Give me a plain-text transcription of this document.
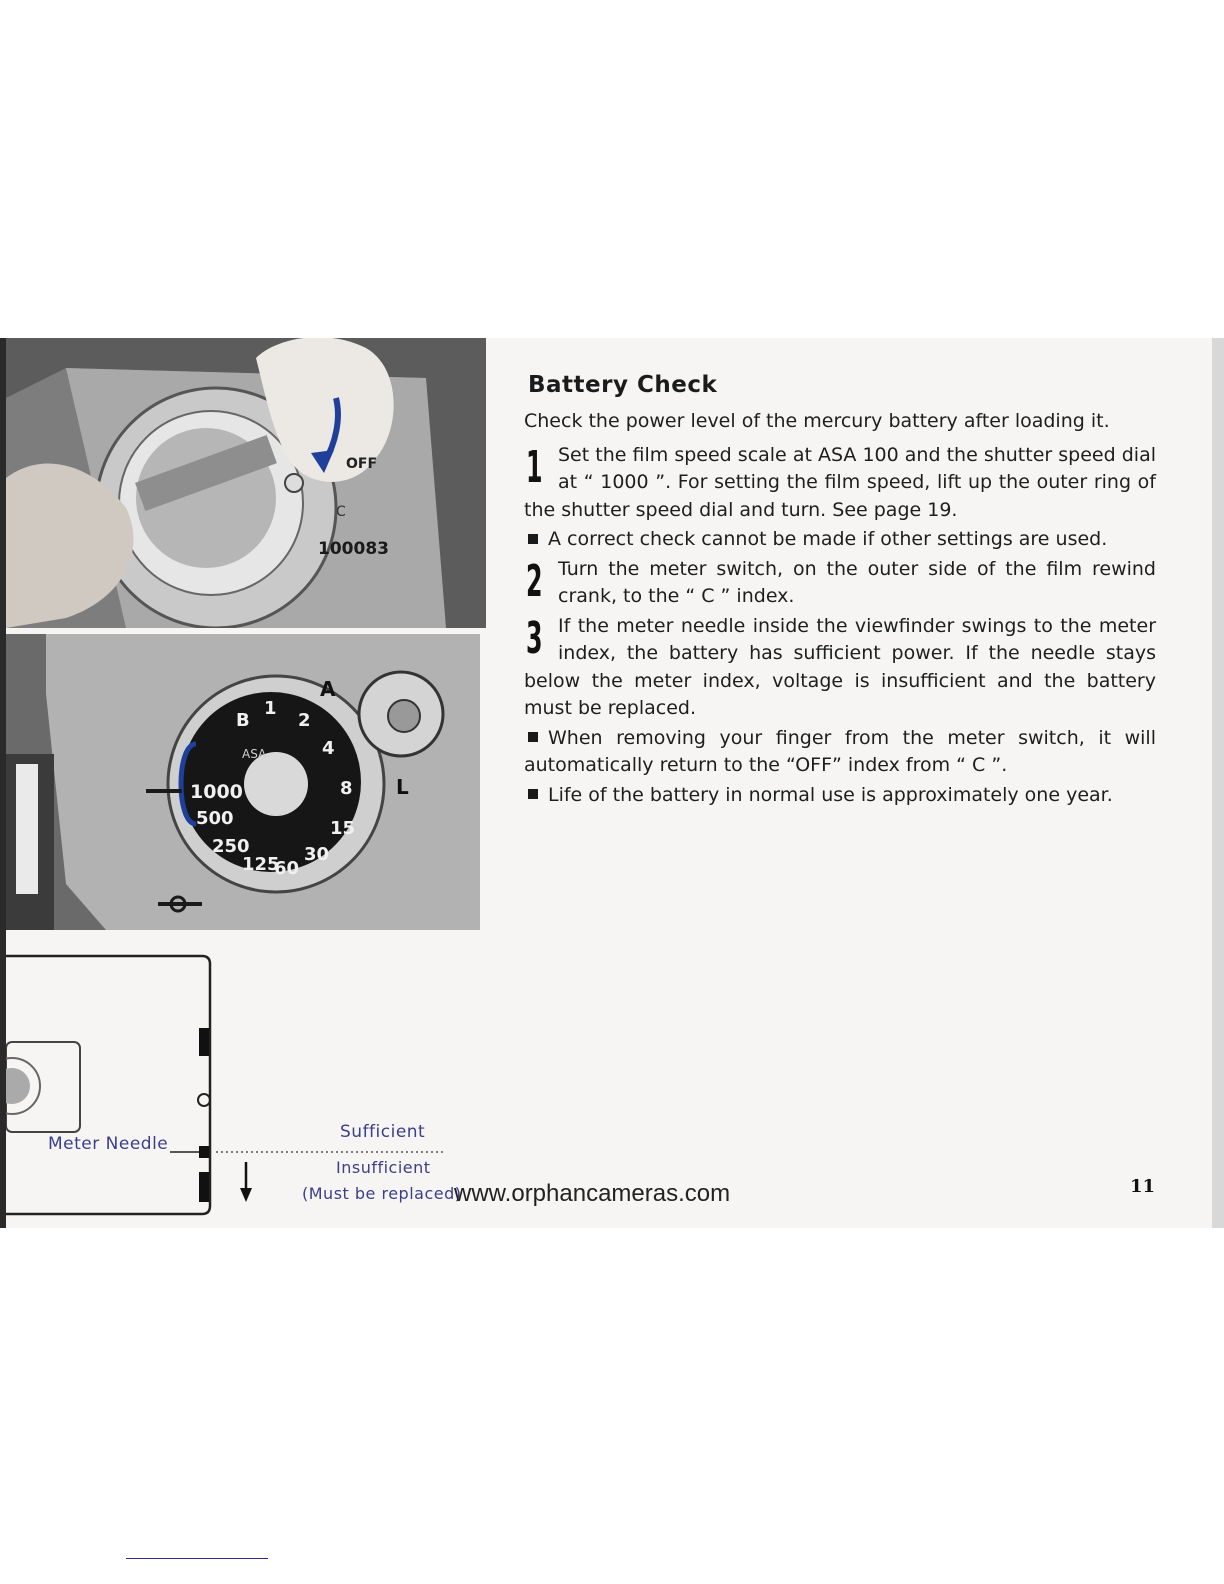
OFF
C
100083
B
1
2
4
8
15
30
60
125
250
500
1000
ASA
A
L
Meter Needle
Sufficient
Insufficient
(Must be replaced)
Battery Check

Check the power level of the mercury battery after loading it.

1 Set the film speed scale at ASA 100 and the shutter speed dial at “ 1000 ”. For setting the film speed, lift up the outer ring of the shutter speed dial and turn. See page 19.

A correct check cannot be made if other settings are used.

2 Turn the meter switch, on the outer side of the film rewind crank, to the “ C ” index.

3 If the meter needle inside the viewfinder swings to the meter index, the battery has sufficient power. If the needle stays below the meter index, voltage is insufficient and the battery must be replaced.

When removing your finger from the meter switch, it will automatically return to the “OFF” index from “ C ”.

Life of the battery in normal use is approximately one year.

www.orphancameras.com	11
